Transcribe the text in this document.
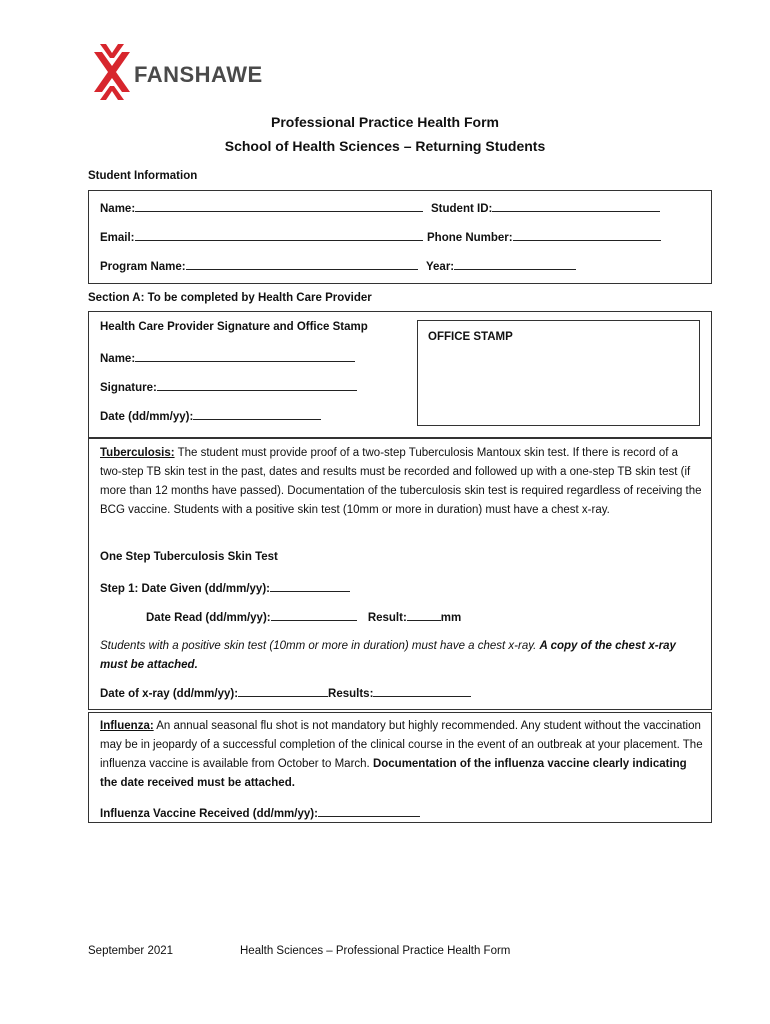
FANSHAWE
Professional Practice Health Form
School of Health Sciences – Returning Students
Student Information
Name:	Student ID:
Email:	Phone Number:
Program Name:	Year:
Section A: To be completed by Health Care Provider
Health Care Provider Signature and Office Stamp
Name:
Signature:
Date (dd/mm/yy):
OFFICE STAMP
Tuberculosis: The student must provide proof of a two-step Tuberculosis Mantoux skin test. If there is record of a two-step TB skin test in the past, dates and results must be recorded and followed up with a one-step TB skin test (if more than 12 months have passed). Documentation of the tuberculosis skin test is required regardless of receiving the BCG vaccine. Students with a positive skin test (10mm or more in duration) must have a chest x-ray.
One Step Tuberculosis Skin Test
Step 1: Date Given (dd/mm/yy):
Date Read (dd/mm/yy):	Result:	mm
Students with a positive skin test (10mm or more in duration) must have a chest x-ray. A copy of the chest x-ray must be attached.
Date of x-ray (dd/mm/yy):	Results:
Influenza: An annual seasonal flu shot is not mandatory but highly recommended. Any student without the vaccination may be in jeopardy of a successful completion of the clinical course in the event of an outbreak at your placement. The influenza vaccine is available from October to March. Documentation of the influenza vaccine clearly indicating the date received must be attached.
Influenza Vaccine Received (dd/mm/yy):
September 2021	Health Sciences – Professional Practice Health Form
